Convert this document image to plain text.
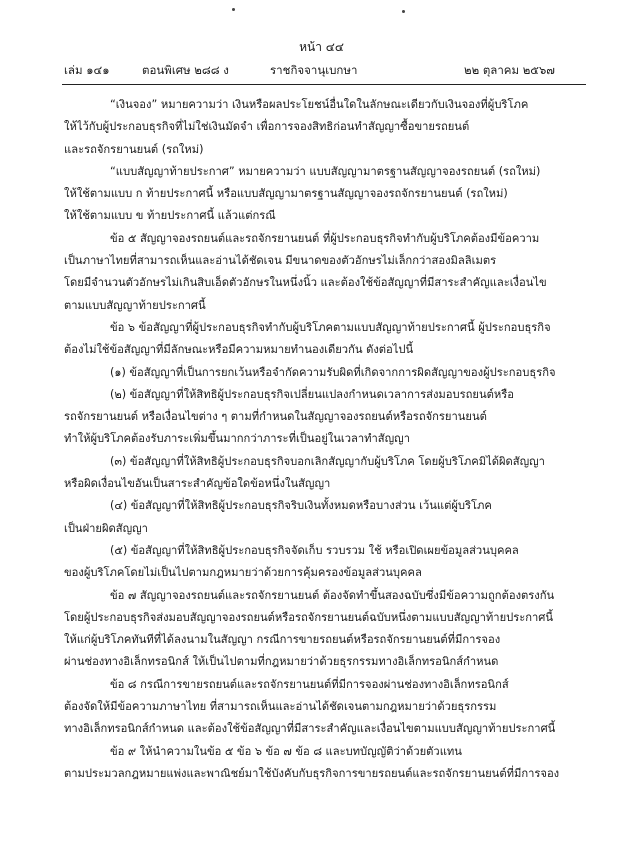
หน้า ๔๔
เล่ม ๑๔๑	ตอนพิเศษ ๒๘๘ ง	ราชกิจจานุเบกษา	๒๒ ตุลาคม ๒๕๖๗

“เงินจอง” หมายความว่า เงินหรือผลประโยชน์อื่นใดในลักษณะเดียวกับเงินจองที่ผู้บริโภค

ให้ไว้กับผู้ประกอบธุรกิจที่ไม่ใช่เงินมัดจำ เพื่อการจองสิทธิก่อนทำสัญญาซื้อขายรถยนต์

และรถจักรยานยนต์ (รถใหม่)

“แบบสัญญาท้ายประกาศ” หมายความว่า แบบสัญญามาตรฐานสัญญาจองรถยนต์ (รถใหม่)

ให้ใช้ตามแบบ ก ท้ายประกาศนี้ หรือแบบสัญญามาตรฐานสัญญาจองรถจักรยานยนต์ (รถใหม่)

ให้ใช้ตามแบบ ข ท้ายประกาศนี้ แล้วแต่กรณี

ข้อ ๕ สัญญาจองรถยนต์และรถจักรยานยนต์ ที่ผู้ประกอบธุรกิจทำกับผู้บริโภคต้องมีข้อความ

เป็นภาษาไทยที่สามารถเห็นและอ่านได้ชัดเจน มีขนาดของตัวอักษรไม่เล็กกว่าสองมิลลิเมตร

โดยมีจำนวนตัวอักษรไม่เกินสิบเอ็ดตัวอักษรในหนึ่งนิ้ว และต้องใช้ข้อสัญญาที่มีสาระสำคัญและเงื่อนไข

ตามแบบสัญญาท้ายประกาศนี้

ข้อ ๖ ข้อสัญญาที่ผู้ประกอบธุรกิจทำกับผู้บริโภคตามแบบสัญญาท้ายประกาศนี้ ผู้ประกอบธุรกิจ

ต้องไม่ใช้ข้อสัญญาที่มีลักษณะหรือมีความหมายทำนองเดียวกัน ดังต่อไปนี้

(๑) ข้อสัญญาที่เป็นการยกเว้นหรือจำกัดความรับผิดที่เกิดจากการผิดสัญญาของผู้ประกอบธุรกิจ

(๒) ข้อสัญญาที่ให้สิทธิผู้ประกอบธุรกิจเปลี่ยนแปลงกำหนดเวลาการส่งมอบรถยนต์หรือ

รถจักรยานยนต์ หรือเงื่อนไขต่าง ๆ ตามที่กำหนดในสัญญาจองรถยนต์หรือรถจักรยานยนต์

ทำให้ผู้บริโภคต้องรับภาระเพิ่มขึ้นมากกว่าภาระที่เป็นอยู่ในเวลาทำสัญญา

(๓) ข้อสัญญาที่ให้สิทธิผู้ประกอบธุรกิจบอกเลิกสัญญากับผู้บริโภค โดยผู้บริโภคมิได้ผิดสัญญา

หรือผิดเงื่อนไขอันเป็นสาระสำคัญข้อใดข้อหนึ่งในสัญญา

(๔) ข้อสัญญาที่ให้สิทธิผู้ประกอบธุรกิจริบเงินทั้งหมดหรือบางส่วน เว้นแต่ผู้บริโภค

เป็นฝ่ายผิดสัญญา

(๕) ข้อสัญญาที่ให้สิทธิผู้ประกอบธุรกิจจัดเก็บ รวบรวม ใช้ หรือเปิดเผยข้อมูลส่วนบุคคล

ของผู้บริโภคโดยไม่เป็นไปตามกฎหมายว่าด้วยการคุ้มครองข้อมูลส่วนบุคคล

ข้อ ๗ สัญญาจองรถยนต์และรถจักรยานยนต์ ต้องจัดทำขึ้นสองฉบับซึ่งมีข้อความถูกต้องตรงกัน

โดยผู้ประกอบธุรกิจส่งมอบสัญญาจองรถยนต์หรือรถจักรยานยนต์ฉบับหนึ่งตามแบบสัญญาท้ายประกาศนี้

ให้แก่ผู้บริโภคทันทีที่ได้ลงนามในสัญญา กรณีการขายรถยนต์หรือรถจักรยานยนต์ที่มีการจอง

ผ่านช่องทางอิเล็กทรอนิกส์ ให้เป็นไปตามที่กฎหมายว่าด้วยธุรกรรมทางอิเล็กทรอนิกส์กำหนด

ข้อ ๘ กรณีการขายรถยนต์และรถจักรยานยนต์ที่มีการจองผ่านช่องทางอิเล็กทรอนิกส์

ต้องจัดให้มีข้อความภาษาไทย ที่สามารถเห็นและอ่านได้ชัดเจนตามกฎหมายว่าด้วยธุรกรรม

ทางอิเล็กทรอนิกส์กำหนด และต้องใช้ข้อสัญญาที่มีสาระสำคัญและเงื่อนไขตามแบบสัญญาท้ายประกาศนี้

ข้อ ๙ ให้นำความในข้อ ๕ ข้อ ๖ ข้อ ๗ ข้อ ๘ และบทบัญญัติว่าด้วยตัวแทน

ตามประมวลกฎหมายแพ่งและพาณิชย์มาใช้บังคับกับธุรกิจการขายรถยนต์และรถจักรยานยนต์ที่มีการจอง
